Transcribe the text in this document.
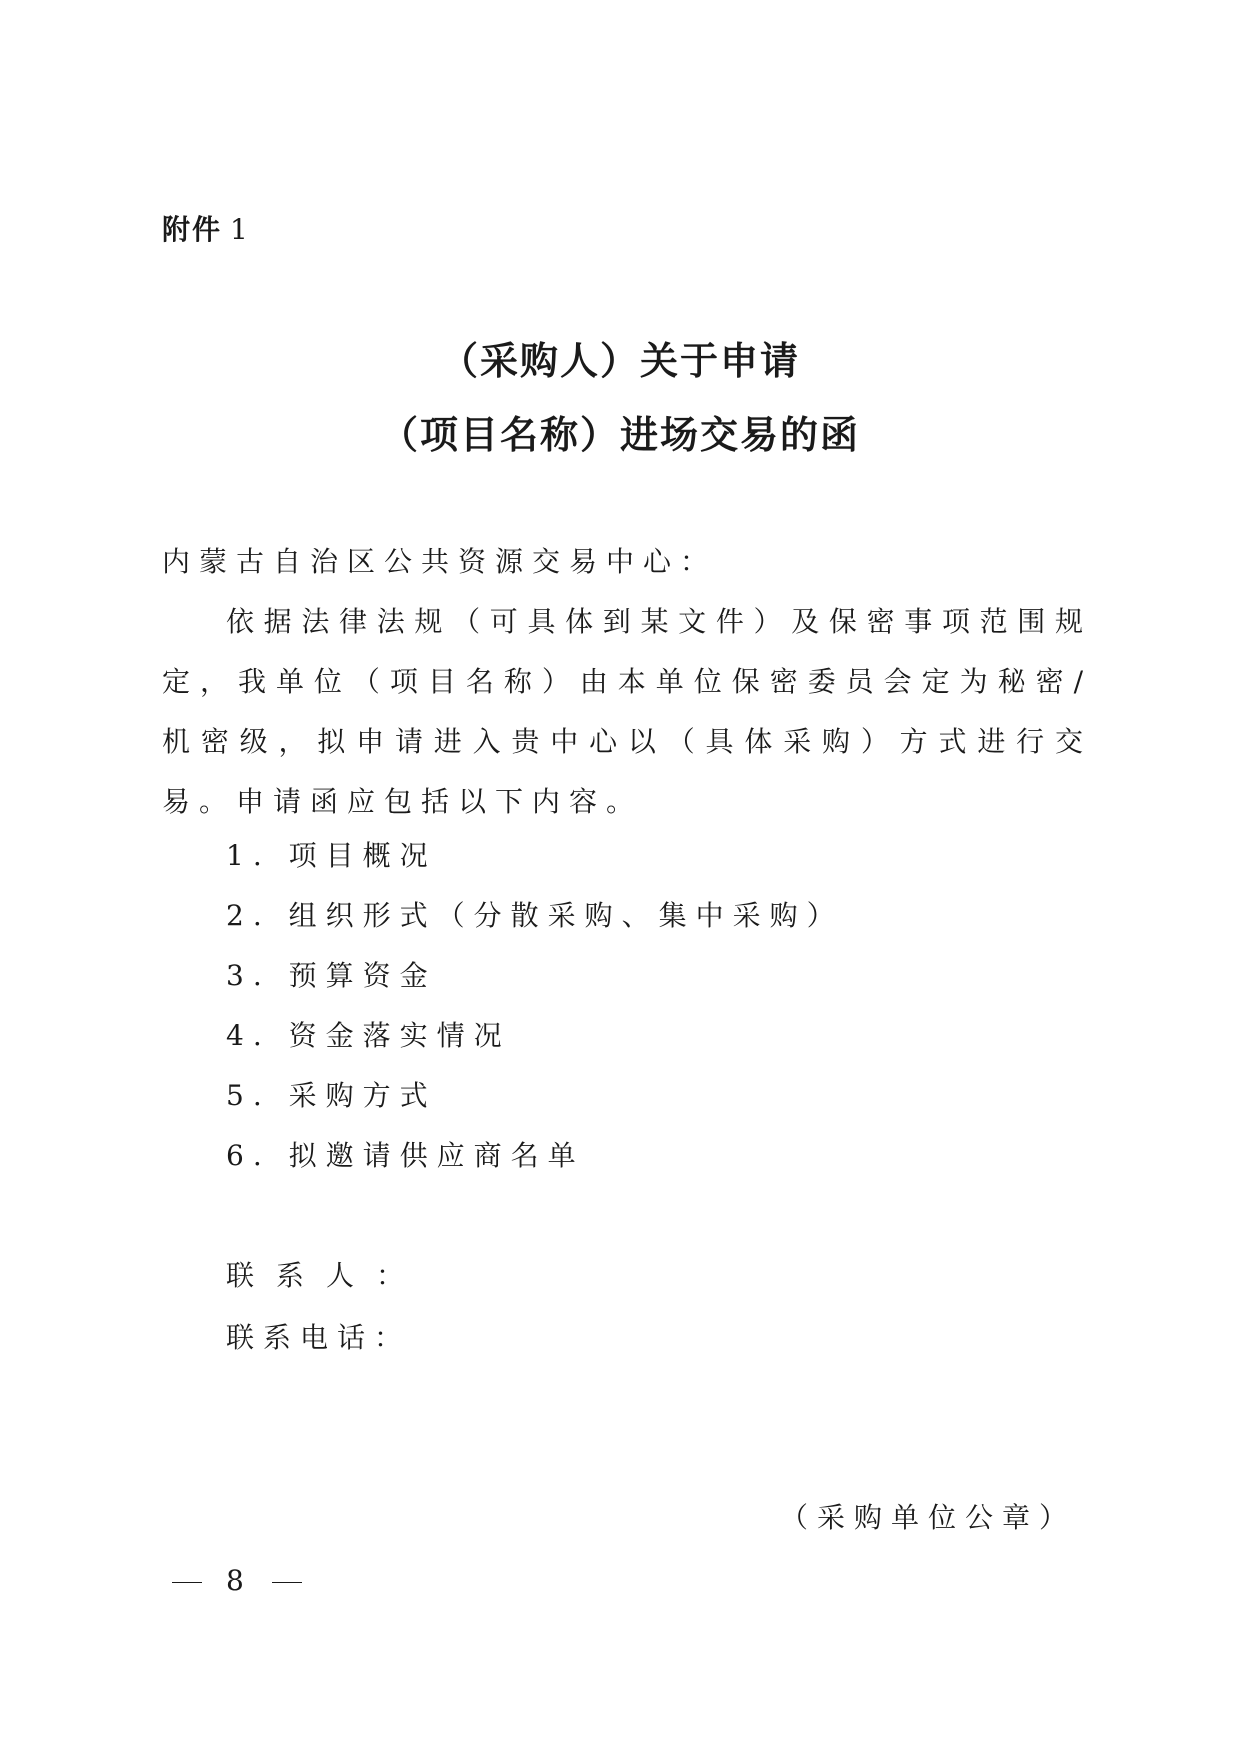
附件 1
（采购人）关于申请
（项目名称）进场交易的函
内蒙古自治区公共资源交易中心：
依据法律法规（可具体到某文件）及保密事项范围规定，我单位（项目名称）由本单位保密委员会定为秘密/机密级，拟申请进入贵中心以（具体采购）方式进行交易。申请函应包括以下内容。
1. 项目概况
2. 组织形式（分散采购、集中采购）
3. 预算资金
4. 资金落实情况
5. 采购方式
6. 拟邀请供应商名单
联系人：
联系电话：
（采购单位公章）
8
